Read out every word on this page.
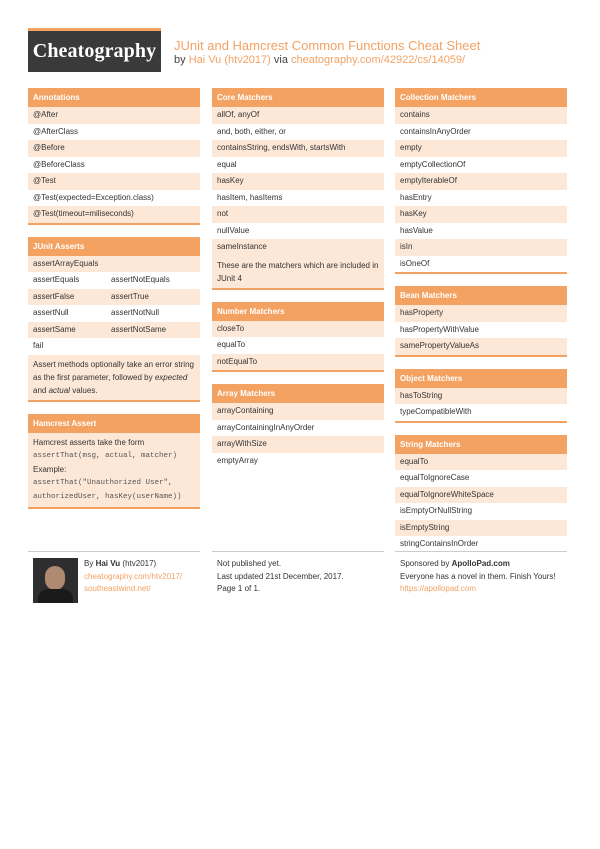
Cheatography JUnit and Hamcrest Common Functions Cheat Sheet
by Hai Vu (htv2017) via cheatography.com/42922/cs/14059/
Annotations
@After
@AfterClass
@Before
@BeforeClass
@Test
@Test(expected=Exception.class)
@Test(timeout=miliseconds)
JUnit Asserts
assertArrayEquals
assertEquals	assertNotEquals
assertFalse	assertTrue
assertNull	assertNotNull
assertSame	assertNotSame
fail
Assert methods optionally take an error string as the first parameter, followed by expected and actual values.
Hamcrest Assert
Hamcrest asserts take the form
assertThat(msg, actual, matcher)
Example:
assertThat("Unauthorized User",
authorizedUser, hasKey(userName))
Core Matchers
allOf, anyOf
and, both, either, or
containsString, endsWith, startsWith
equal
hasKey
hasItem, hasItems
not
nullValue
sameInstance
These are the matchers which are included in JUnit 4
Number Matchers
closeTo
equalTo
notEqualTo
Array Matchers
arrayContaining
arrayContainingInAnyOrder
arrayWithSize
emptyArray
Collection Matchers
contains
containsInAnyOrder
empty
emptyCollectionOf
emptyIterableOf
hasEntry
hasKey
hasValue
isIn
isOneOf
Bean Matchers
hasProperty
hasPropertyWithValue
samePropertyValueAs
Object Matchers
hasToString
typeCompatibleWith
String Matchers
equalTo
equalToIgnoreCase
equalToIgnoreWhiteSpace
isEmptyOrNullString
isEmptyString
stringContainsInOrder
By Hai Vu (htv2017)
cheatography.com/htv2017/
southeastwind.net/
Not published yet.
Last updated 21st December, 2017.
Page 1 of 1.
Sponsored by ApolloPad.com
Everyone has a novel in them. Finish Yours!
https://apollopad.com
